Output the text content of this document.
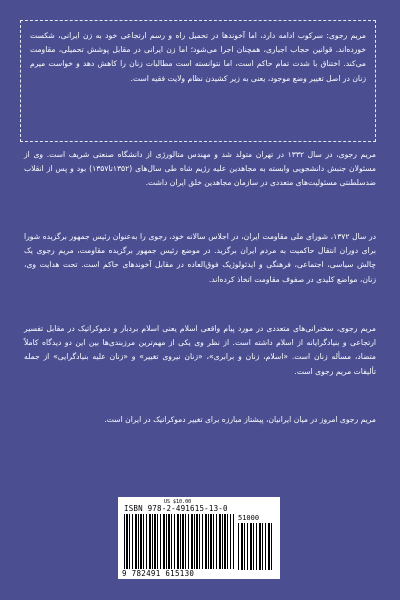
مریم رجوی: سرکوب ادامه دارد، اما آخوندها در تحمیل راه و رسم ارتجاعی خود به زن ایرانی، شکست خورده‌اند. قوانین حجاب اجباری، همچنان اجرا می‌شود؛ اما زن ایرانی در مقابل پوشش تحمیلی، مقاومت می‌کند. اختناق با شدت تمام حاکم است، اما نتوانسته است مطالبات زنان را کاهش دهد و خواست میرم زنان در اصل تغییر وضع موجود، یعنی به زیر کشیدن نظام ولایت فقیه است.

مریم رجوی، در سال ۱۳۳۲ در تهران متولد شد و مهندس متالورژی از دانشگاه صنعتی شریف است. وی از مسئولان جنبش دانشجویی وابسته به مجاهدین علیه رژیم شاه طی سال‌های (۱۳۵۲تا۱۳۵۷) بود و پس از انقلاب ضدسلطنتی مسئولیت‌های متعددی در سازمان مجاهدین خلق ایران داشت.

در سال ۱۳۷۲، شورای ملی مقاومت ایران، در اجلاس سالانه خود، رجوی را به‌عنوان رئیس جمهور برگزیده شورا برای دوران انتقال حاکمیت به مردم ایران برگزید. در موضع رئیس جمهور برگزیده مقاومت، مریم رجوی یک چالش سیاسی، اجتماعی، فرهنگی و ایدئولوژیک فوق‌العاده در مقابل آخوندهای حاکم است. تحت هدایت وی، زنان، مواضع کلیدی در صفوف مقاومت اتخاذ کرده‌اند.

مریم رجوی، سخنرانی‌های متعددی در مورد پیام واقعی اسلام یعنی اسلام بردبار و دموکراتیک در مقابل تفسیر ارتجاعی و بنیادگرایانه از اسلام داشته است. از نظر وی یکی از مهم‌ترین مرزبندی‌ها بین این دو دیدگاه کاملاً متضاد، مسأله زنان است. «اسلام، زنان و برابری»، «زنان نیروی تغییر» و «زنان علیه بنیادگرایی» از جمله تألیفات مریم رجوی است.

مریم رجوی امروز در میان ایرانیان، پیشتاز مبارزه برای تغییر دموکراتیک در ایران است.

US $10.00
ISBN 978-2-491615-13-0
51000
9 782491 615130
